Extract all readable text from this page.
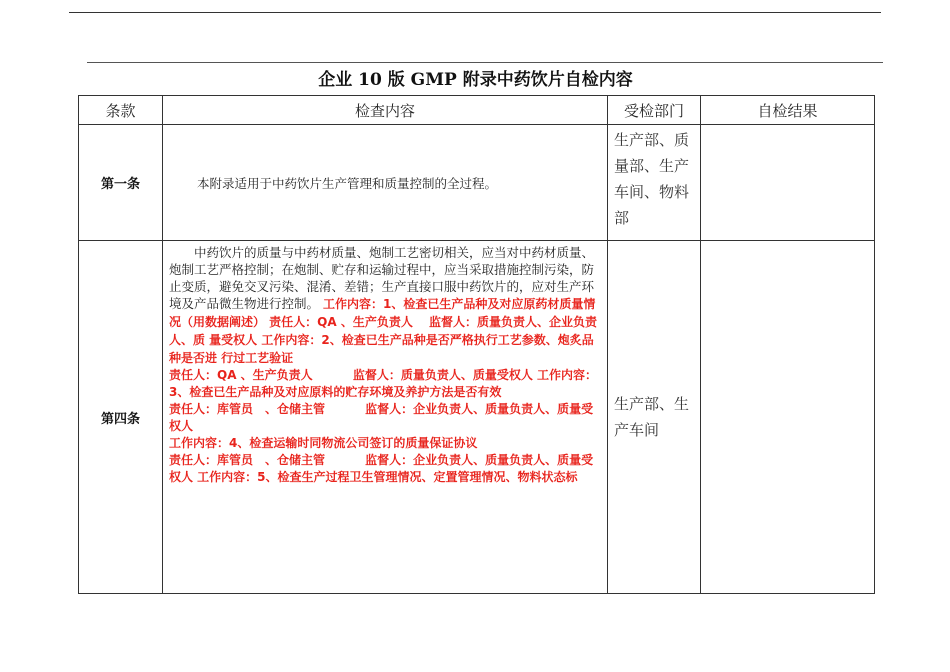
企业 10 版 GMP 附录中药饮片自检内容
条款	检查内容	受检部门	自检结果
第一条	本附录适用于中药饮片生产管理和质量控制的全过程。	生产部、质量部、生产车间、物料部	
第四条	中药饮片的质量与中药材质量、炮制工艺密切相关，应当对中药材质量、炮制工艺严格控制；在炮制、贮存和运输过程中，应当采取措施控制污染，防止变质，避免交叉污染、混淆、差错；生产直接口服中药饮片的，应对生产环境及产品微生物进行控制。 工作内容：1、检查已生产品种及对应原药材质量情况（用数据阐述） 责任人：QA 、生产负责人　 监督人：质量负责人、企业负责人、质 量受权人 工作内容：2、检查已生产品种是否严格执行工艺参数、炮炙品种是否进 行过工艺验证

责任人：QA 、生产负责人　　　 监督人：质量负责人、质量受权人 工作内容：3、检查已生产品种及对应原料的贮存环境及养护方法是否有效

责任人：库管员　、仓储主管　　　 监督人：企业负责人、质量负责人、质量受权人

工作内容：4、检查运输时同物流公司签订的质量保证协议

责任人：库管员　、仓储主管　　　 监督人：企业负责人、质量负责人、质量受权人 工作内容：5、检查生产过程卫生管理情况、定置管理情况、物料状态标	生产部、生产车间	
